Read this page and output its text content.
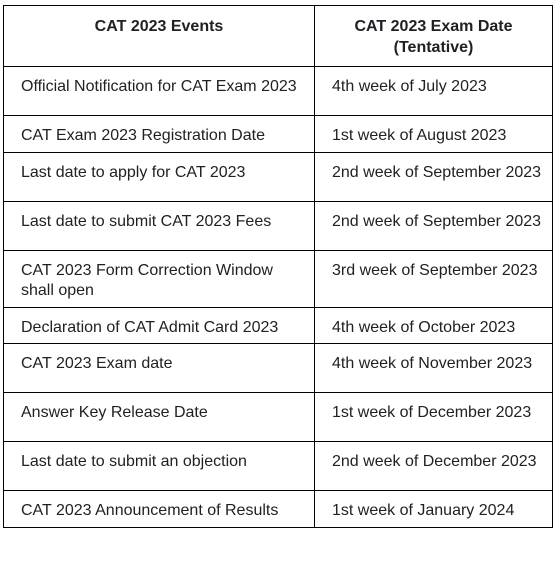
CAT 2023 Events	CAT 2023 Exam Date (Tentative)
Official Notification for CAT Exam 2023	4th week of July 2023
CAT Exam 2023 Registration Date	1st week of August 2023
Last date to apply for CAT 2023	2nd week of September 2023
Last date to submit CAT 2023 Fees	2nd week of September 2023
CAT 2023 Form Correction Window shall open	3rd week of September 2023
Declaration of CAT Admit Card 2023	4th week of October 2023
CAT 2023 Exam date	4th week of November 2023
Answer Key Release Date	1st week of December 2023
Last date to submit an objection	2nd week of December 2023
CAT 2023 Announcement of Results	1st week of January 2024
